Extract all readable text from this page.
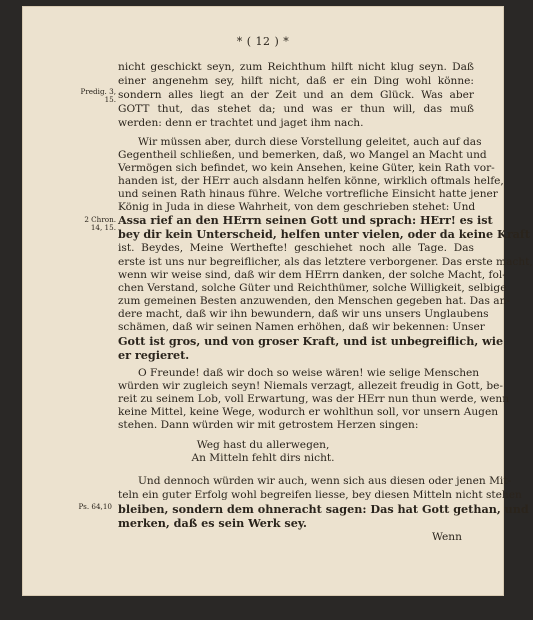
* ( 12 ) *
Predig. 3, 15.
2 Chron. 14, 15.
Ps. 64,10
nicht geschickt seyn, zum Reichthum hilft nicht klug seyn. Daß
einer angenehm sey, hilft nicht, daß er ein Ding wohl könne:
sondern alles liegt an der Zeit und an dem Glück. Was aber
GOTT thut, das stehet da; und was er thun will, das muß
werden: denn er trachtet und jaget ihm nach.
Wir müssen aber, durch diese Vorstellung geleitet, auch auf das
Gegentheil schließen, und bemerken, daß, wo Mangel an Macht und
Vermögen sich befindet, wo kein Ansehen, keine Güter, kein Rath vor-
handen ist, der HErr auch alsdann helfen könne, wirklich oftmals helfe,
und seinen Rath hinaus führe. Welche vortrefliche Einsicht hatte jener
König in Juda in diese Wahrheit, von dem geschrieben stehet: Und
Assa rief an den HErrn seinen Gott und sprach: HErr! es ist
bey dir kein Unterscheid, helfen unter vielen, oder da keine Kraft
ist. Beydes, Meine Werthefte! geschiehet noch alle Tage. Das
erste ist uns nur begreiflicher, als das letztere verborgener. Das erste macht,
wenn wir weise sind, daß wir dem HErrn danken, der solche Macht, fol-
chen Verstand, solche Güter und Reichthümer, solche Willigkeit, selbige
zum gemeinen Besten anzuwenden, den Menschen gegeben hat. Das an-
dere macht, daß wir ihn bewundern, daß wir uns unsers Unglaubens
schämen, daß wir seinen Namen erhöhen, daß wir bekennen: Unser
Gott ist gros, und von groser Kraft, und ist unbegreiflich, wie
er regieret.
O Freunde! daß wir doch so weise wären! wie selige Menschen
würden wir zugleich seyn! Niemals verzagt, allezeit freudig in Gott, be-
reit zu seinem Lob, voll Erwartung, was der HErr nun thun werde, wenn
keine Mittel, keine Wege, wodurch er wohlthun soll, vor unsern Augen
stehen. Dann würden wir mit getrostem Herzen singen:
Weg hast du allerwegen,
An Mitteln fehlt dirs nicht.
Und dennoch würden wir auch, wenn sich aus diesen oder jenen Mit-
teln ein guter Erfolg wohl begreifen liesse, bey diesen Mitteln nicht stehen
bleiben, sondern dem ohneracht sagen: Das hat Gott gethan, und
merken, daß es sein Werk sey.
Wenn
